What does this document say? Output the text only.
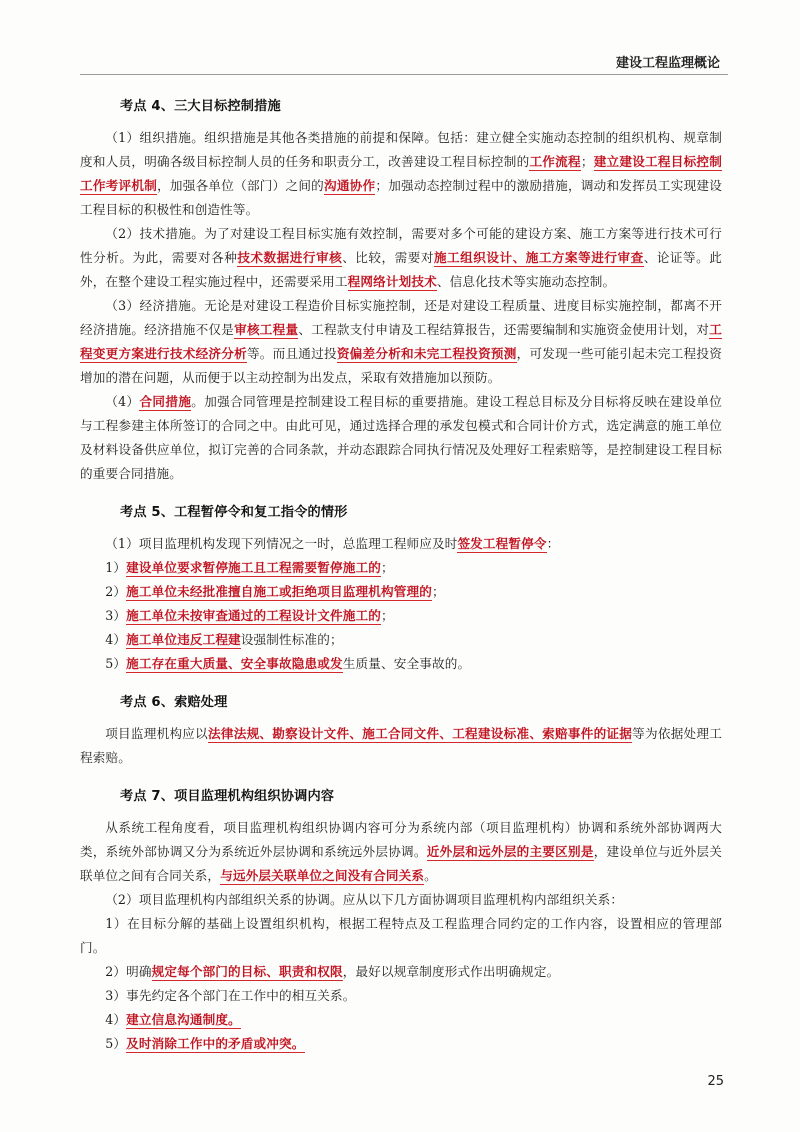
建设工程监理概论
考点 4、三大目标控制措施

（1）组织措施。组织措施是其他各类措施的前提和保障。包括：建立健全实施动态控制的组织机构、规章制度和人员，明确各级目标控制人员的任务和职责分工，改善建设工程目标控制的工作流程；建立建设工程目标控制工作考评机制，加强各单位（部门）之间的沟通协作；加强动态控制过程中的激励措施，调动和发挥员工实现建设工程目标的积极性和创造性等。

（2）技术措施。为了对建设工程目标实施有效控制，需要对多个可能的建设方案、施工方案等进行技术可行性分析。为此，需要对各种技术数据进行审核、比较，需要对施工组织设计、施工方案等进行审查、论证等。此外，在整个建设工程实施过程中，还需要采用工程网络计划技术、信息化技术等实施动态控制。

（3）经济措施。无论是对建设工程造价目标实施控制，还是对建设工程质量、进度目标实施控制，都离不开经济措施。经济措施不仅是审核工程量、工程款支付申请及工程结算报告，还需要编制和实施资金使用计划，对工程变更方案进行技术经济分析等。而且通过投资偏差分析和未完工程投资预测，可发现一些可能引起未完工程投资增加的潜在问题，从而便于以主动控制为出发点，采取有效措施加以预防。

（4）合同措施。加强合同管理是控制建设工程目标的重要措施。建设工程总目标及分目标将反映在建设单位与工程参建主体所签订的合同之中。由此可见，通过选择合理的承发包模式和合同计价方式，选定满意的施工单位及材料设备供应单位，拟订完善的合同条款，并动态跟踪合同执行情况及处理好工程索赔等，是控制建设工程目标的重要合同措施。

考点 5、工程暂停令和复工指令的情形

（1）项目监理机构发现下列情况之一时，总监理工程师应及时签发工程暂停令：

1）建设单位要求暂停施工且工程需要暂停施工的；

2）施工单位未经批准擅自施工或拒绝项目监理机构管理的；

3）施工单位未按审查通过的工程设计文件施工的；

4）施工单位违反工程建设强制性标准的；

5）施工存在重大质量、安全事故隐患或发生质量、安全事故的。

考点 6、索赔处理

项目监理机构应以法律法规、勘察设计文件、施工合同文件、工程建设标准、索赔事件的证据等为依据处理工程索赔。

考点 7、项目监理机构组织协调内容

从系统工程角度看，项目监理机构组织协调内容可分为系统内部（项目监理机构）协调和系统外部协调两大类，系统外部协调又分为系统近外层协调和系统远外层协调。近外层和远外层的主要区别是，建设单位与近外层关联单位之间有合同关系，与远外层关联单位之间没有合同关系。

（2）项目监理机构内部组织关系的协调。应从以下几方面协调项目监理机构内部组织关系：

1）在目标分解的基础上设置组织机构，根据工程特点及工程监理合同约定的工作内容，设置相应的管理部门。

2）明确规定每个部门的目标、职责和权限，最好以规章制度形式作出明确规定。

3）事先约定各个部门在工作中的相互关系。

4）建立信息沟通制度。

5）及时消除工作中的矛盾或冲突。

25
